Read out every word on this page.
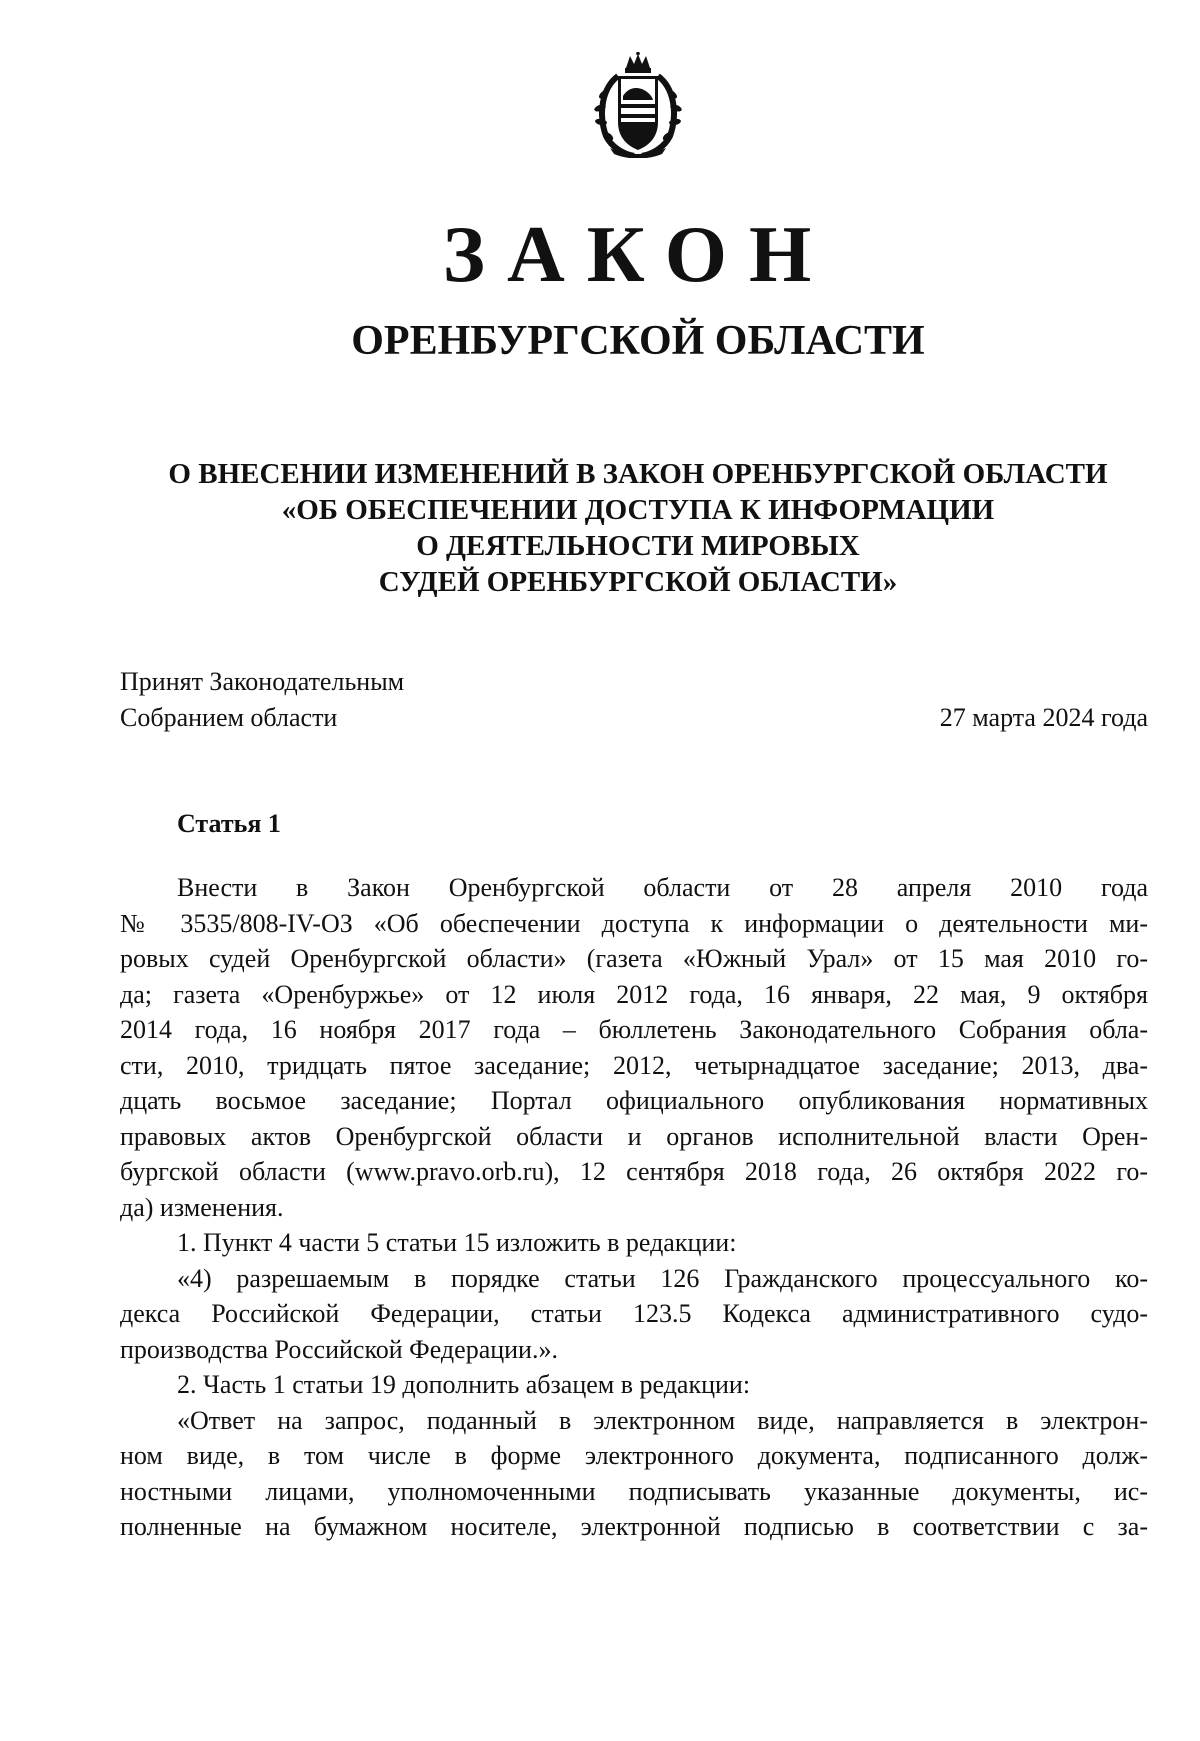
ЗАКОН
ОРЕНБУРГСКОЙ ОБЛАСТИ
О ВНЕСЕНИИ ИЗМЕНЕНИЙ В ЗАКОН ОРЕНБУРГСКОЙ ОБЛАСТИ
«ОБ ОБЕСПЕЧЕНИИ ДОСТУПА К ИНФОРМАЦИИ
О ДЕЯТЕЛЬНОСТИ МИРОВЫХ
СУДЕЙ ОРЕНБУРГСКОЙ ОБЛАСТИ»
Принят Законодательным
Собранием области	27 марта 2024 года
Статья 1
Внести в Закон Оренбургской области от 28 апреля 2010 года
№ 3535/808-IV-ОЗ «Об обеспечении доступа к информации о деятельности ми-
ровых судей Оренбургской области» (газета «Южный Урал» от 15 мая 2010 го-
да; газета «Оренбуржье» от 12 июля 2012 года, 16 января, 22 мая, 9 октября
2014 года, 16 ноября 2017 года – бюллетень Законодательного Собрания обла-
сти, 2010, тридцать пятое заседание; 2012, четырнадцатое заседание; 2013, два-
дцать восьмое заседание; Портал официального опубликования нормативных
правовых актов Оренбургской области и органов исполнительной власти Орен-
бургской области (www.pravo.orb.ru), 12 сентября 2018 года, 26 октября 2022 го-
да) изменения.
1. Пункт 4 части 5 статьи 15 изложить в редакции:
«4) разрешаемым в порядке статьи 126 Гражданского процессуального ко-
декса Российской Федерации, статьи 123.5 Кодекса административного судо-
производства Российской Федерации.».
2. Часть 1 статьи 19 дополнить абзацем в редакции:
«Ответ на запрос, поданный в электронном виде, направляется в электрон-
ном виде, в том числе в форме электронного документа, подписанного долж-
ностными лицами, уполномоченными подписывать указанные документы, ис-
полненные на бумажном носителе, электронной подписью в соответствии с за-
